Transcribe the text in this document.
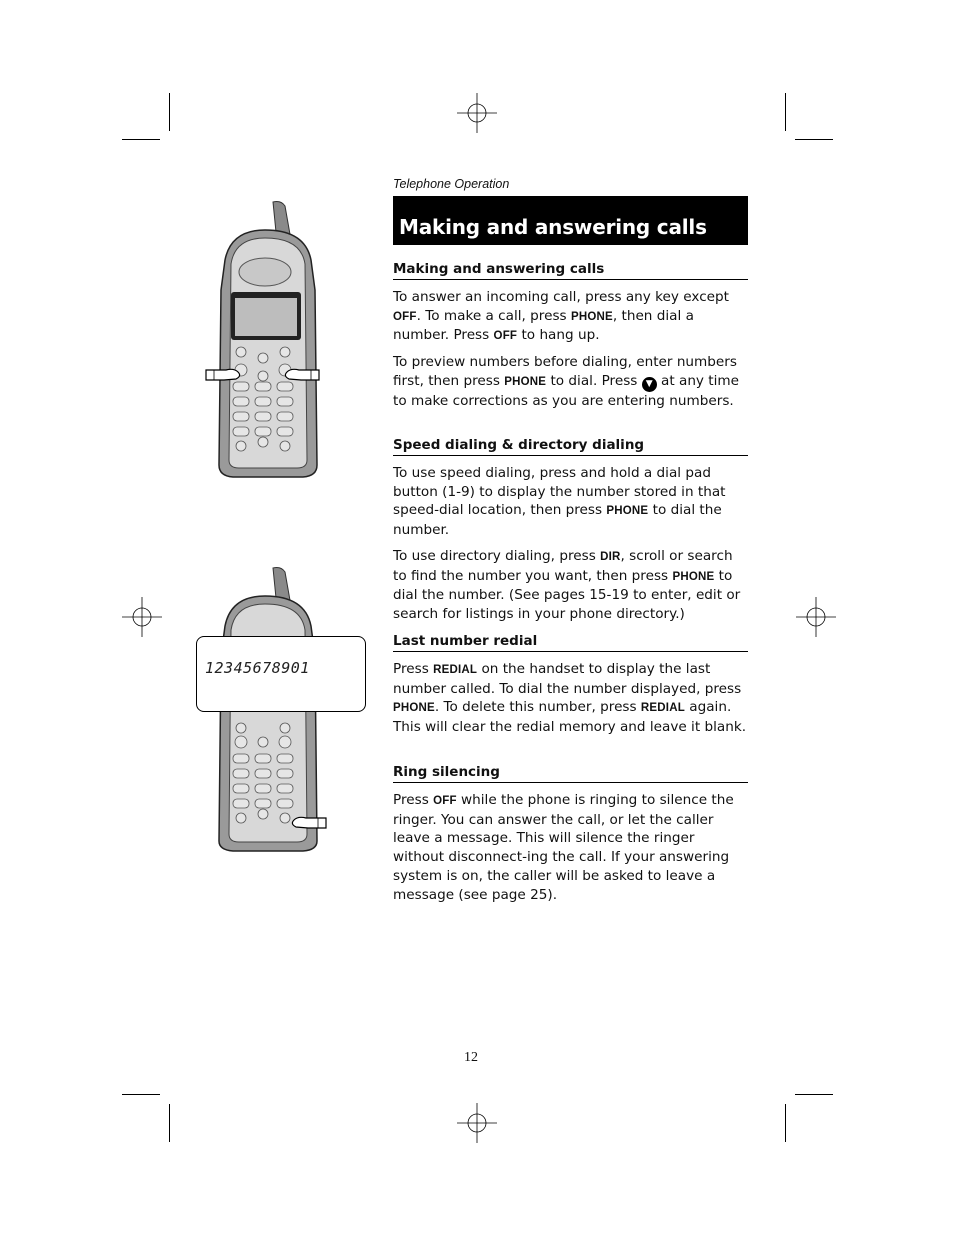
12345678901
Telephone Operation
Making and answering calls
Making and answering calls

To answer an incoming call, press any key except OFF. To make a call, press PHONE, then dial a number. Press OFF to hang up.

To preview numbers before dialing, enter numbers first, then press PHONE to dial. Press ▼ at any time to make corrections as you are entering numbers.

Speed dialing & directory dialing

To use speed dialing, press and hold a dial pad button (1-9) to display the number stored in that speed-dial location, then press PHONE to dial the number.

To use directory dialing, press DIR, scroll or search to find the number you want, then press PHONE to dial the number. (See pages 15-19 to enter, edit or search for listings in your phone directory.)

Last number redial

Press REDIAL on the handset to display the last number called. To dial the number displayed, press PHONE. To delete this number, press REDIAL again. This will clear the redial memory and leave it blank.

Ring silencing

Press OFF while the phone is ringing to silence the ringer. You can answer the call, or let the caller leave a message. This will silence the ringer without disconnect-ing the call. If your answering system is on, the caller will be asked to leave a message (see page 25).

12
